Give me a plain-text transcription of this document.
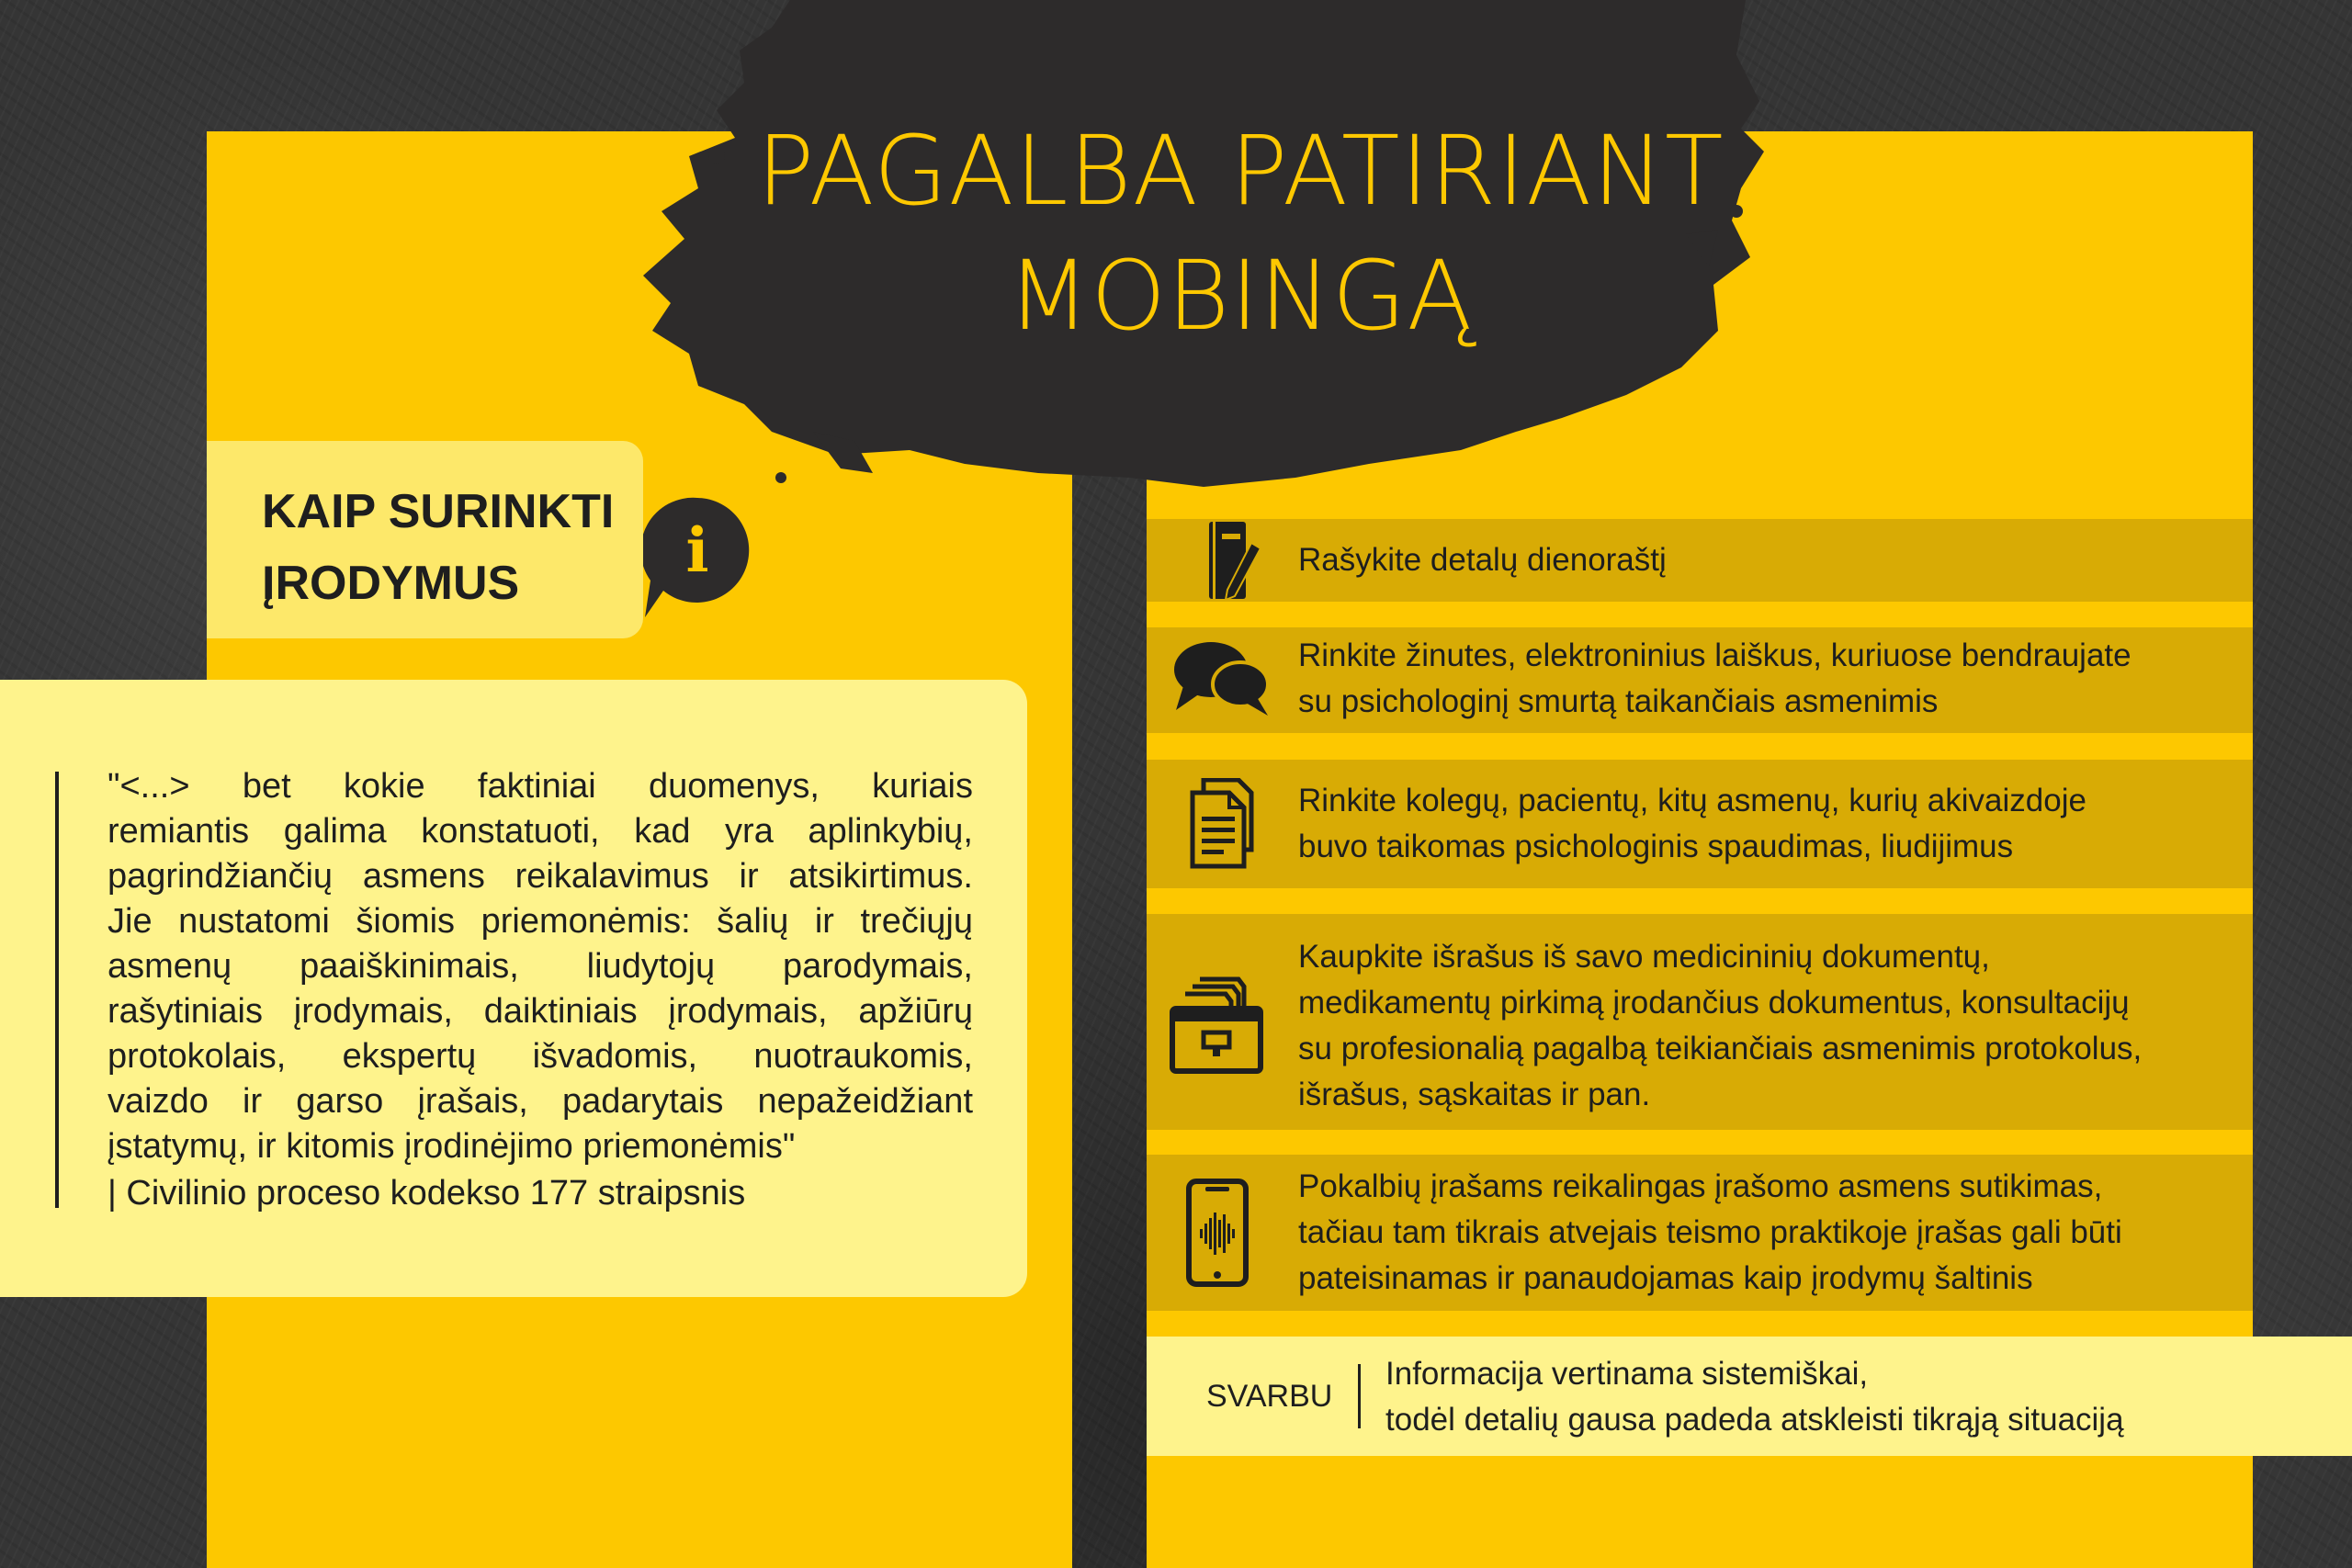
PAGALBA PATIRIANT
MOBINGĄ
KAIP SURINKTI
ĮRODYMUS	i
"<...> bet kokie faktiniai duomenys, kuriais
remiantis galima konstatuoti, kad yra aplinkybių,
pagrindžiančių asmens reikalavimus ir atsikirtimus.
Jie nustatomi šiomis priemonėmis: šalių ir trečiųjų
asmenų paaiškinimais, liudytojų parodymais,
rašytiniais įrodymais, daiktiniais įrodymais, apžiūrų
protokolais, ekspertų išvadomis, nuotraukomis,
vaizdo ir garso įrašais, padarytais nepažeidžiant
įstatymų, ir kitomis įrodinėjimo priemonėmis"
| Civilinio proceso kodekso 177 straipsnis
Rašykite detalų dienoraštį
Rinkite žinutes, elektroninius laiškus, kuriuose bendraujate
su psichologinį smurtą taikančiais asmenimis
Rinkite kolegų, pacientų, kitų asmenų, kurių akivaizdoje
buvo taikomas psichologinis spaudimas, liudijimus
Kaupkite išrašus iš savo medicininių dokumentų,
medikamentų pirkimą įrodančius dokumentus, konsultacijų
su profesionalią pagalbą teikiančiais asmenimis protokolus,
išrašus, sąskaitas ir pan.
Pokalbių įrašams reikalingas įrašomo asmens sutikimas,
tačiau tam tikrais atvejais teismo praktikoje įrašas gali būti
pateisinamas ir panaudojamas kaip įrodymų šaltinis
SVARBU
Informacija vertinama sistemiškai,
todėl detalių gausa padeda atskleisti tikrąją situaciją
